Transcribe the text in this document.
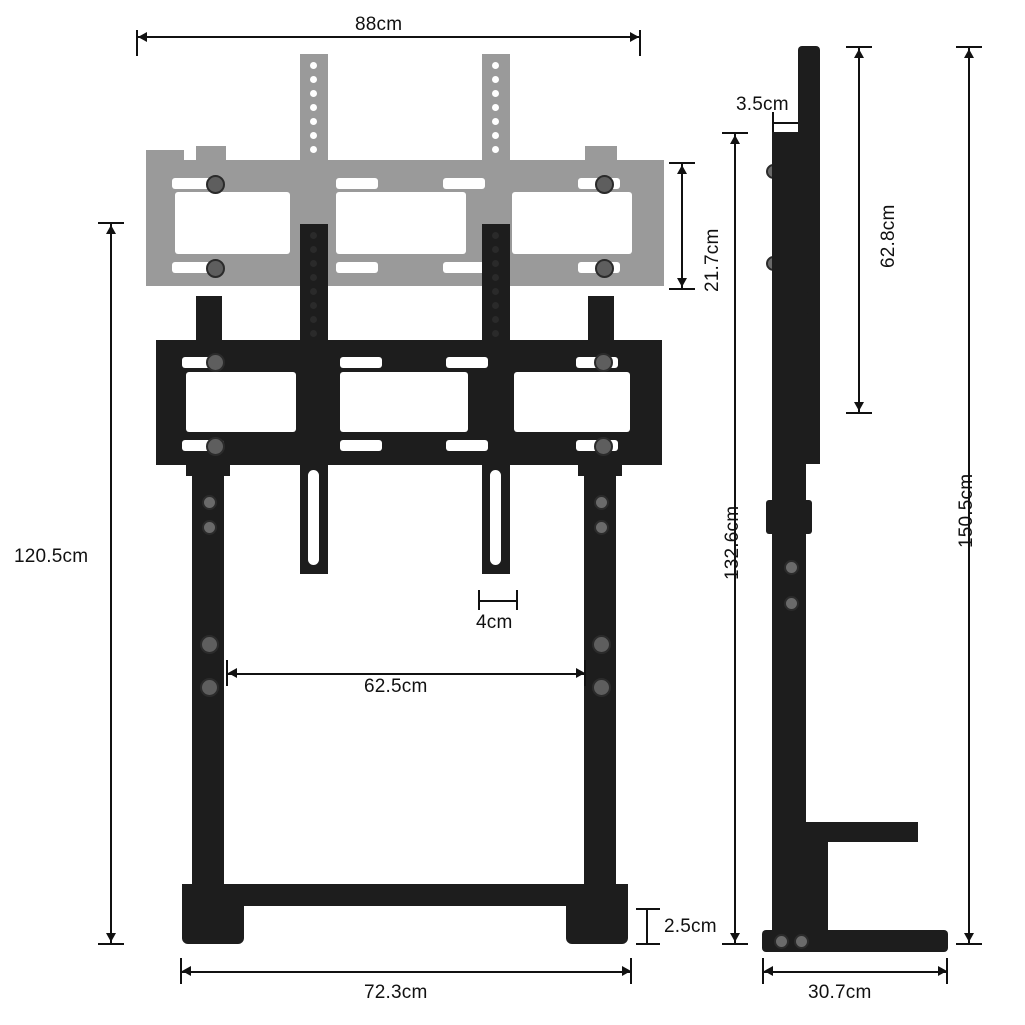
88cm
21.7cm
4cm
120.5cm
62.5cm
2.5cm
72.3cm
3.5cm
62.8cm
132.6cm	150.5cm
30.7cm
